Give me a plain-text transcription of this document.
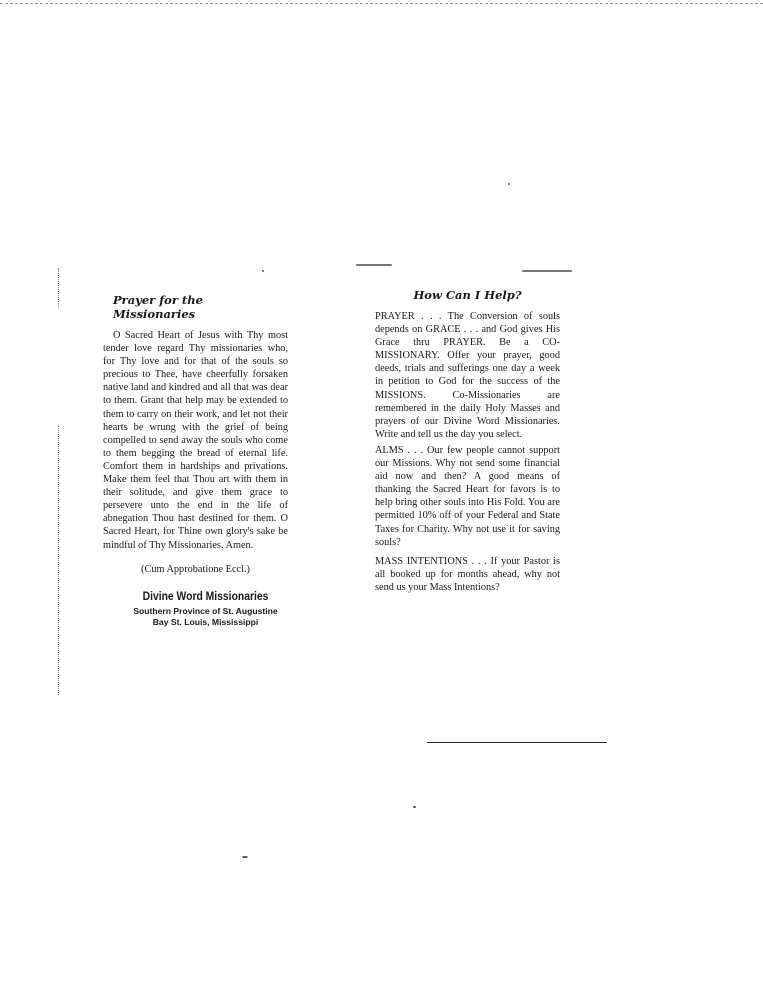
Prayer for the Missionaries

O Sacred Heart of Jesus with Thy most tender love regard Thy missionaries who, for Thy love and for that of the souls so precious to Thee, have cheerfully forsaken native land and kindred and all that was dear to them. Grant that help may be extended to them to carry on their work, and let not their hearts be wrung with the grief of being compelled to send away the souls who come to them begging the bread of eternal life. Comfort them in hardships and privations. Make them feel that Thou art with them in their solitude, and give them grace to persevere unto the end in the life of abnegation Thou hast destined for them. O Sacred Heart, for Thine own glory's sake be mindful of Thy Missionaries. Amen.

(Cum Approbatione Eccl.)
Divine Word Missionaries
Southern Province of St. Augustine
Bay St. Louis, Mississippi
How Can I Help?

PRAYER . . . The Conversion of souls depends on GRACE . . . and God gives His Grace thru PRAYER. Be a CO-MISSIONARY. Offer your prayer, good deeds, trials and sufferings one day a week in petition to God for the success of the MISSIONS. Co-Missionaries are remembered in the daily Holy Masses and prayers of our Divine Word Missionaries. Write and tell us the day you select.

ALMS . . . Our few people cannot support our Missions. Why not send some financial aid now and then? A good means of thanking the Sacred Heart for favors is to help bring other souls into His Fold. You are permitted 10% off of your Federal and State Taxes for Charity. Why not use it for saving souls?

MASS INTENTIONS . . . If your Pastor is all booked up for months ahead, why not send us your Mass Intentions?
